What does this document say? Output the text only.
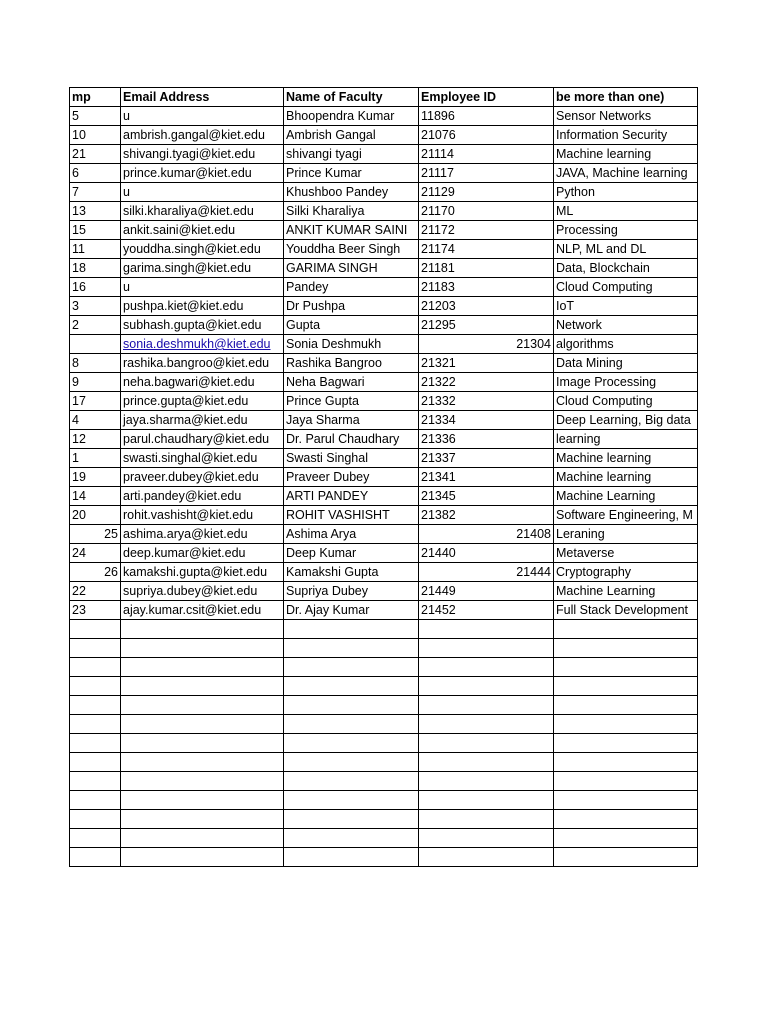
mp	Email Address	Name of Faculty	Employee ID	be more than one)
5	u	Bhoopendra Kumar	11896	Sensor Networks
10	ambrish.gangal@kiet.edu	Ambrish Gangal	21076	Information Security
21	shivangi.tyagi@kiet.edu	shivangi tyagi	21114	Machine learning
6	prince.kumar@kiet.edu	Prince Kumar	21117	JAVA, Machine learning
7	u	Khushboo Pandey	21129	Python
13	silki.kharaliya@kiet.edu	Silki Kharaliya	21170	ML
15	ankit.saini@kiet.edu	ANKIT KUMAR SAINI	21172	Processing
11	youddha.singh@kiet.edu	Youddha Beer Singh	21174	NLP, ML and DL
18	garima.singh@kiet.edu	GARIMA SINGH	21181	Data, Blockchain
16	u	Pandey	21183	Cloud Computing
3	pushpa.kiet@kiet.edu	Dr Pushpa	21203	IoT
2	subhash.gupta@kiet.edu	Gupta	21295	Network
	sonia.deshmukh@kiet.edu	Sonia Deshmukh	21304	algorithms
8	rashika.bangroo@kiet.edu	Rashika Bangroo	21321	Data Mining
9	neha.bagwari@kiet.edu	Neha Bagwari	21322	Image Processing
17	prince.gupta@kiet.edu	Prince Gupta	21332	Cloud Computing
4	jaya.sharma@kiet.edu	Jaya Sharma	21334	Deep Learning, Big data
12	parul.chaudhary@kiet.edu	Dr. Parul Chaudhary	21336	learning
1	swasti.singhal@kiet.edu	Swasti Singhal	21337	Machine learning
19	praveer.dubey@kiet.edu	Praveer Dubey	21341	Machine learning
14	arti.pandey@kiet.edu	ARTI PANDEY	21345	Machine Learning
20	rohit.vashisht@kiet.edu	ROHIT VASHISHT	21382	Software Engineering, M
25	ashima.arya@kiet.edu	Ashima Arya	21408	Leraning
24	deep.kumar@kiet.edu	Deep Kumar	21440	Metaverse
26	kamakshi.gupta@kiet.edu	Kamakshi Gupta	21444	Cryptography
22	supriya.dubey@kiet.edu	Supriya Dubey	21449	Machine Learning
23	ajay.kumar.csit@kiet.edu	Dr. Ajay Kumar	21452	Full Stack Development
